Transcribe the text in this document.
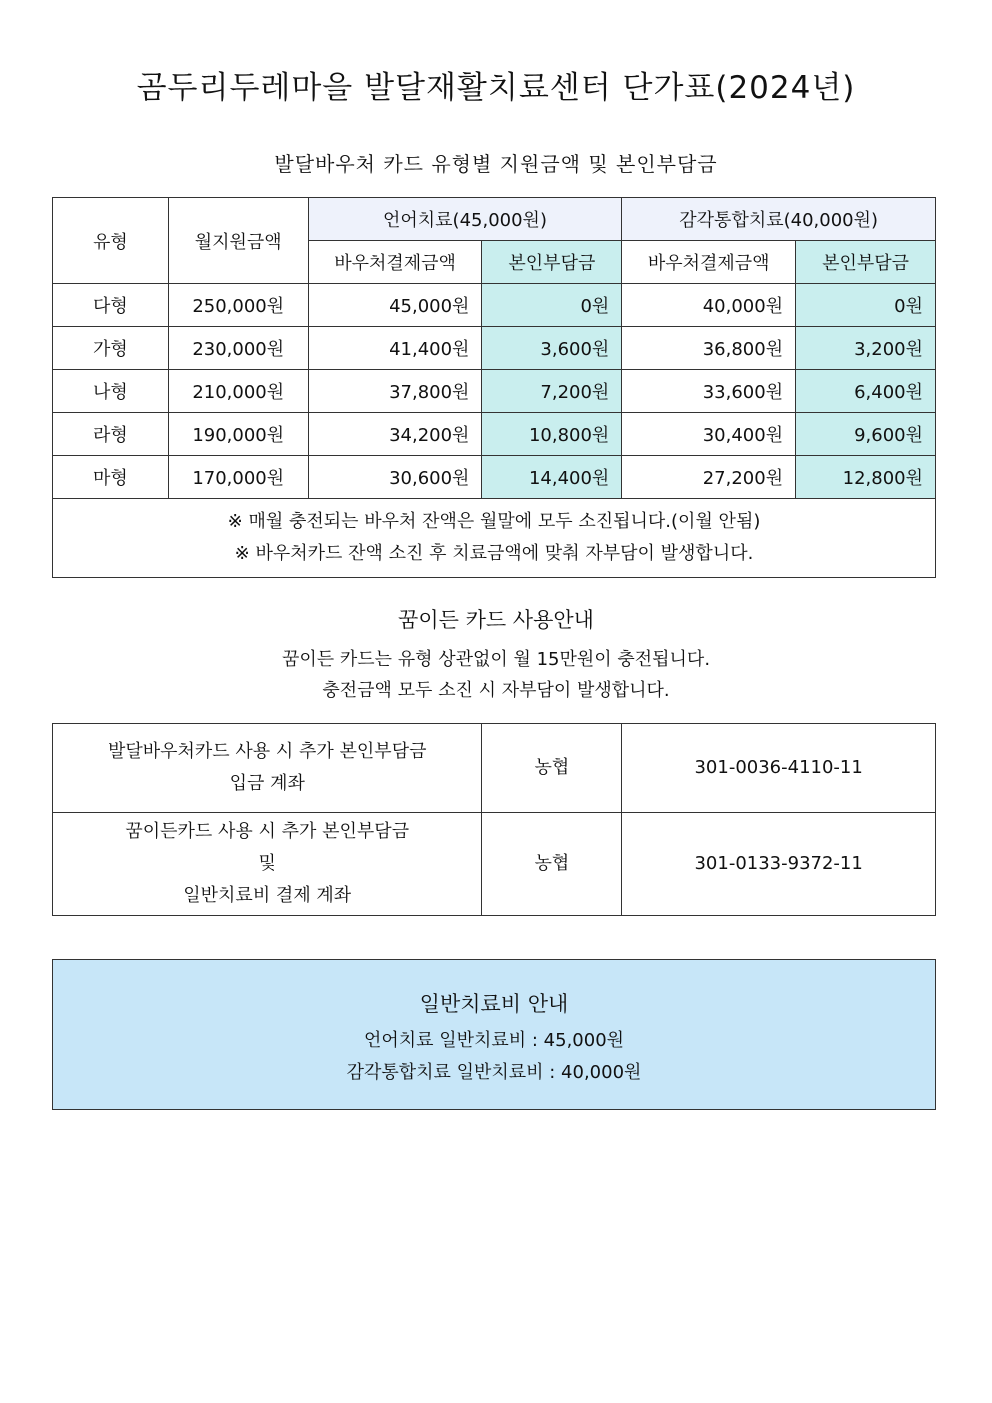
곰두리두레마을 발달재활치료센터 단가표(2024년)
발달바우처 카드 유형별 지원금액 및 본인부담금
유형	월지원금액	언어치료(45,000원)		감각통합치료(40,000원)	
		바우처결제금액	본인부담금	바우처결제금액	본인부담금
다형	250,000원	45,000원	0원	40,000원	0원
가형	230,000원	41,400원	3,600원	36,800원	3,200원
나형	210,000원	37,800원	7,200원	33,600원	6,400원
라형	190,000원	34,200원	10,800원	30,400원	9,600원
마형	170,000원	30,600원	14,400원	27,200원	12,800원

※ 매월 충전되는 바우처 잔액은 월말에 모두 소진됩니다.(이월 안됨)
※ 바우처카드 잔액 소진 후 치료금액에 맞춰 자부담이 발생합니다.					
꿈이든 카드 사용안내
꿈이든 카드는 유형 상관없이 월 15만원이 충전됩니다.
충전금액 모두 소진 시 자부담이 발생합니다.
발달바우처카드 사용 시 추가 본인부담금
입금 계좌	농협	301-0036-4110-11

꿈이든카드 사용 시 추가 본인부담금
및
일반치료비 결제 계좌	농협	301-0133-9372-11
일반치료비 안내
언어치료 일반치료비 : 45,000원
감각통합치료 일반치료비 : 40,000원
